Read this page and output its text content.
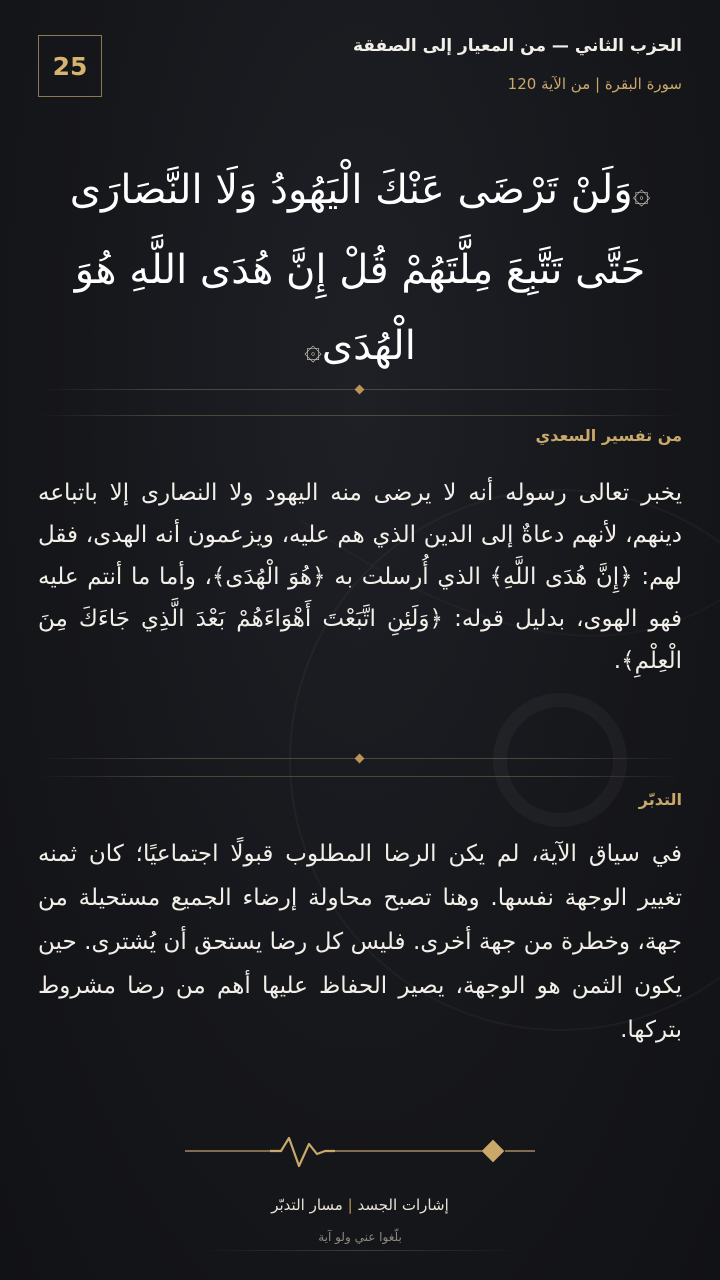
25
الحزب الثاني — من المعيار إلى الصفقة
سورة البقرة | من الآية 120
۞وَلَنْ تَرْضَى عَنْكَ الْيَهُودُ وَلَا النَّصَارَى حَتَّى تَتَّبِعَ مِلَّتَهُمْ قُلْ إِنَّ هُدَى اللَّهِ هُوَ الْهُدَى۞
من تفسير السعدي
يخبر تعالى رسوله أنه لا يرضى منه اليهود ولا النصارى إلا باتباعه دينهم، لأنهم دعاةٌ إلى الدين الذي هم عليه، ويزعمون أنه الهدى، فقل لهم: ﴿إِنَّ هُدَى اللَّهِ﴾ الذي أُرسلت به ﴿هُوَ الْهُدَى﴾، وأما ما أنتم عليه فهو الهوى، بدليل قوله: ﴿وَلَئِنِ اتَّبَعْتَ أَهْوَاءَهُمْ بَعْدَ الَّذِي جَاءَكَ مِنَ الْعِلْمِ﴾.
التدبّر
في سياق الآية، لم يكن الرضا المطلوب قبولًا اجتماعيًا؛ كان ثمنه تغيير الوجهة نفسها. وهنا تصبح محاولة إرضاء الجميع مستحيلة من جهة، وخطرة من جهة أخرى. فليس كل رضا يستحق أن يُشترى. حين يكون الثمن هو الوجهة، يصير الحفاظ عليها أهم من رضا مشروط بتركها.
إشارات الجسد | مسار التدبّر
بلّغوا عني ولو آية
